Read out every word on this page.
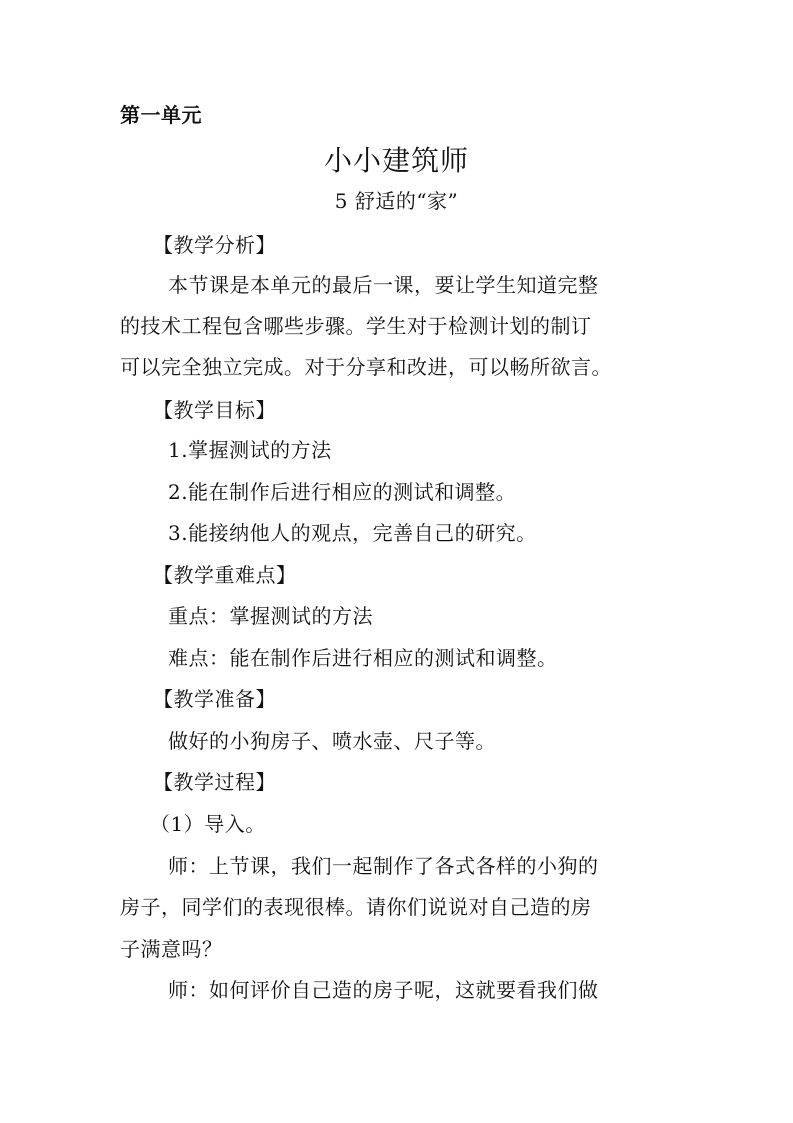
第一单元
小小建筑师
5 舒适的“家”
【教学分析】
本节课是本单元的最后一课，要让学生知道完整
的技术工程包含哪些步骤。学生对于检测计划的制订
可以完全独立完成。对于分享和改进，可以畅所欲言。
【教学目标】
1.掌握测试的方法
2.能在制作后进行相应的测试和调整。
3.能接纳他人的观点，完善自己的研究。
【教学重难点】
重点：掌握测试的方法
难点：能在制作后进行相应的测试和调整。
【教学准备】
做好的小狗房子、喷水壶、尺子等。
【教学过程】
（1）导入。
师：上节课，我们一起制作了各式各样的小狗的
房子，同学们的表现很棒。请你们说说对自己造的房
子满意吗？
师：如何评价自己造的房子呢，这就要看我们做
